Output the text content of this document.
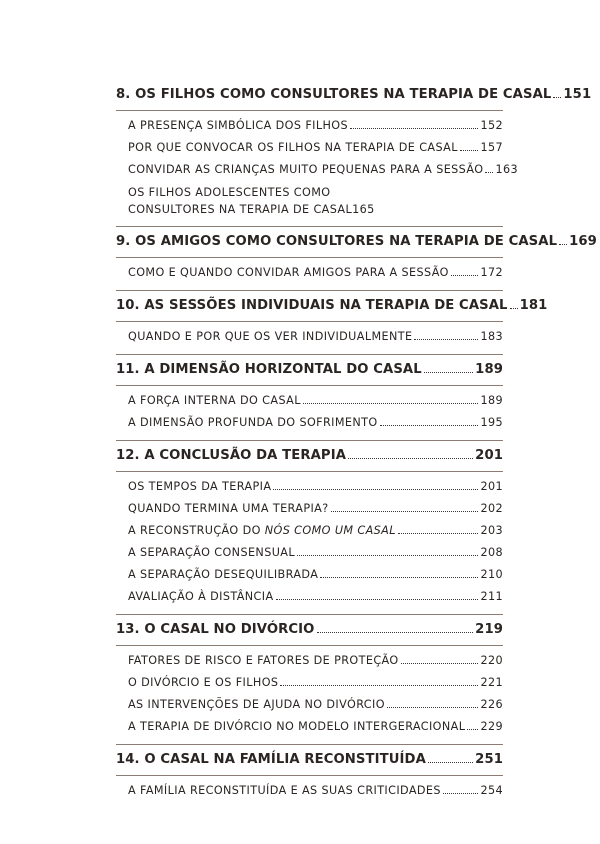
8.
OS FILHOS COMO CONSULTORES NA TERAPIA DE CASAL 151
A PRESENÇA SIMBÓLICA DOS FILHOS	152
POR QUE CONVOCAR OS FILHOS NA TERAPIA DE CASAL 157
CONVIDAR AS CRIANÇAS MUITO PEQUENAS PARA A SESSÃO 163
OS FILHOS ADOLESCENTES COMO
CONSULTORES NA TERAPIA DE CASAL 165
9.
OS AMIGOS COMO CONSULTORES NA TERAPIA DE CASAL 169
COMO E QUANDO CONVIDAR AMIGOS PARA A SESSÃO	172
10.
AS SESSÕES INDIVIDUAIS NA TERAPIA DE CASAL 181
QUANDO E POR QUE OS VER INDIVIDUALMENTE	183
11.
A DIMENSÃO HORIZONTAL DO CASAL	189
A FORÇA INTERNA DO CASAL	189
A DIMENSÃO PROFUNDA DO SOFRIMENTO	195
12.
A CONCLUSÃO DA TERAPIA	201
OS TEMPOS DA TERAPIA	201
QUANDO TERMINA UMA TERAPIA?	202
A RECONSTRUÇÃO DO NÓS COMO UM CASAL	203
A SEPARAÇÃO CONSENSUAL	208
A SEPARAÇÃO DESEQUILIBRADA	210
AVALIAÇÃO À DISTÂNCIA	211
13.
O CASAL NO DIVÓRCIO	219
FATORES DE RISCO E FATORES DE PROTEÇÃO	220
O DIVÓRCIO E OS FILHOS	221
AS INTERVENÇÕES DE AJUDA NO DIVÓRCIO	226
A TERAPIA DE DIVÓRCIO NO MODELO INTERGERACIONAL 229
14.
O CASAL NA FAMÍLIA RECONSTITUÍDA	251
A FAMÍLIA RECONSTITUÍDA E AS SUAS CRITICIDADES	254
